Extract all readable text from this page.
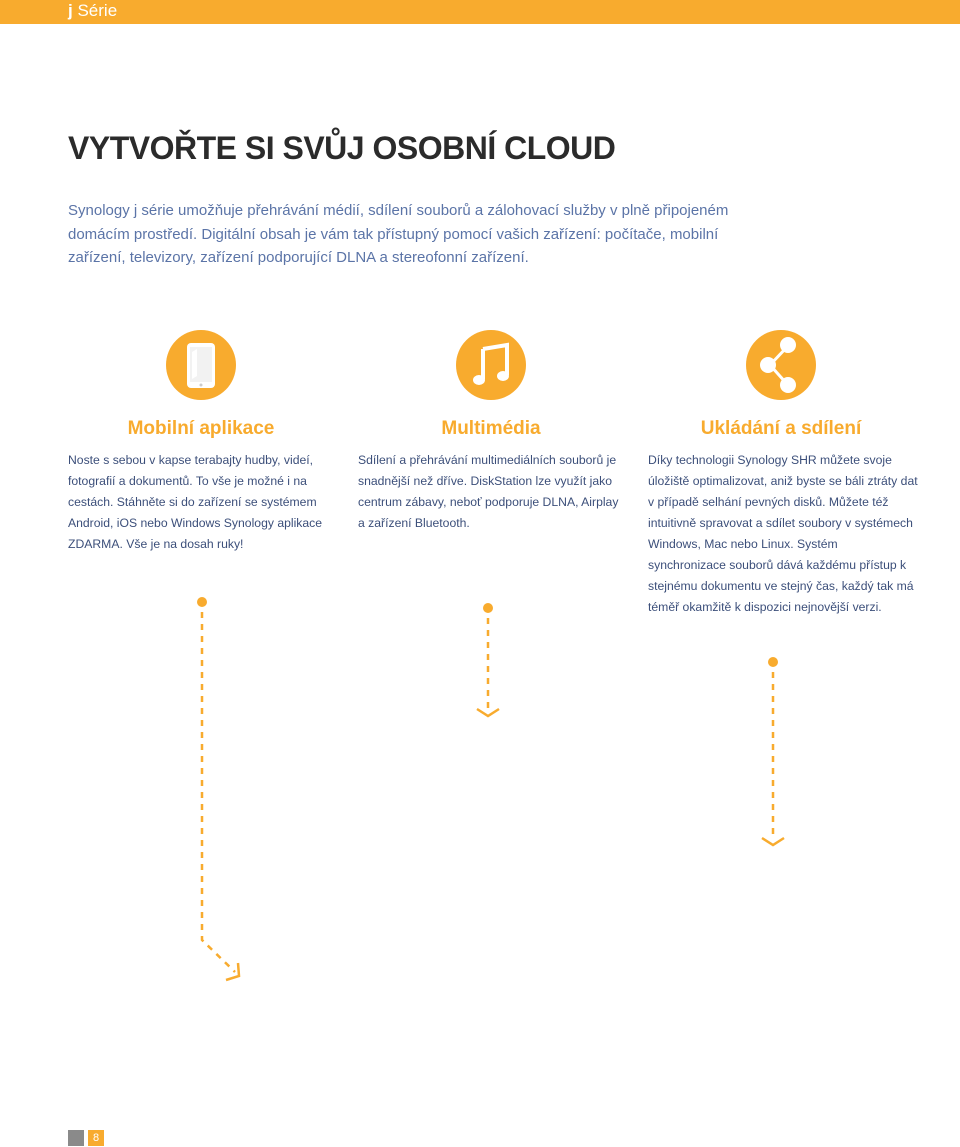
j Série
VYTVOŘTE SI SVŮJ OSOBNÍ CLOUD

Synology j série umožňuje přehrávání médií, sdílení souborů a zálohovací služby v plně připojeném domácím prostředí. Digitální obsah je vám tak přístupný pomocí vašich zařízení: počítače, mobilní zařízení, televizory, zařízení podporující DLNA a stereofonní zařízení.

Mobilní aplikace

Noste s sebou v kapse terabajty hudby, videí, fotografií a dokumentů. To vše je možné i na cestách. Stáhněte si do zařízení se systémem Android, iOS nebo Windows Synology aplikace ZDARMA. Vše je na dosah ruky!

Multimédia

Sdílení a přehrávání multimediálních souborů je snadnější než dříve. DiskStation lze využít jako centrum zábavy, neboť podporuje DLNA, Airplay a zařízení Bluetooth.

Ukládání a sdílení

Díky technologii Synology SHR můžete svoje úložiště optimalizovat, aniž byste se báli ztráty dat v případě selhání pevných disků. Můžete též intuitivně spravovat a sdílet soubory v systémech Windows, Mac nebo Linux. Systém synchronizace souborů dává každému přístup k stejnému dokumentu ve stejný čas, každý tak má téměř okamžitě k dispozici nejnovější verzi.

8
